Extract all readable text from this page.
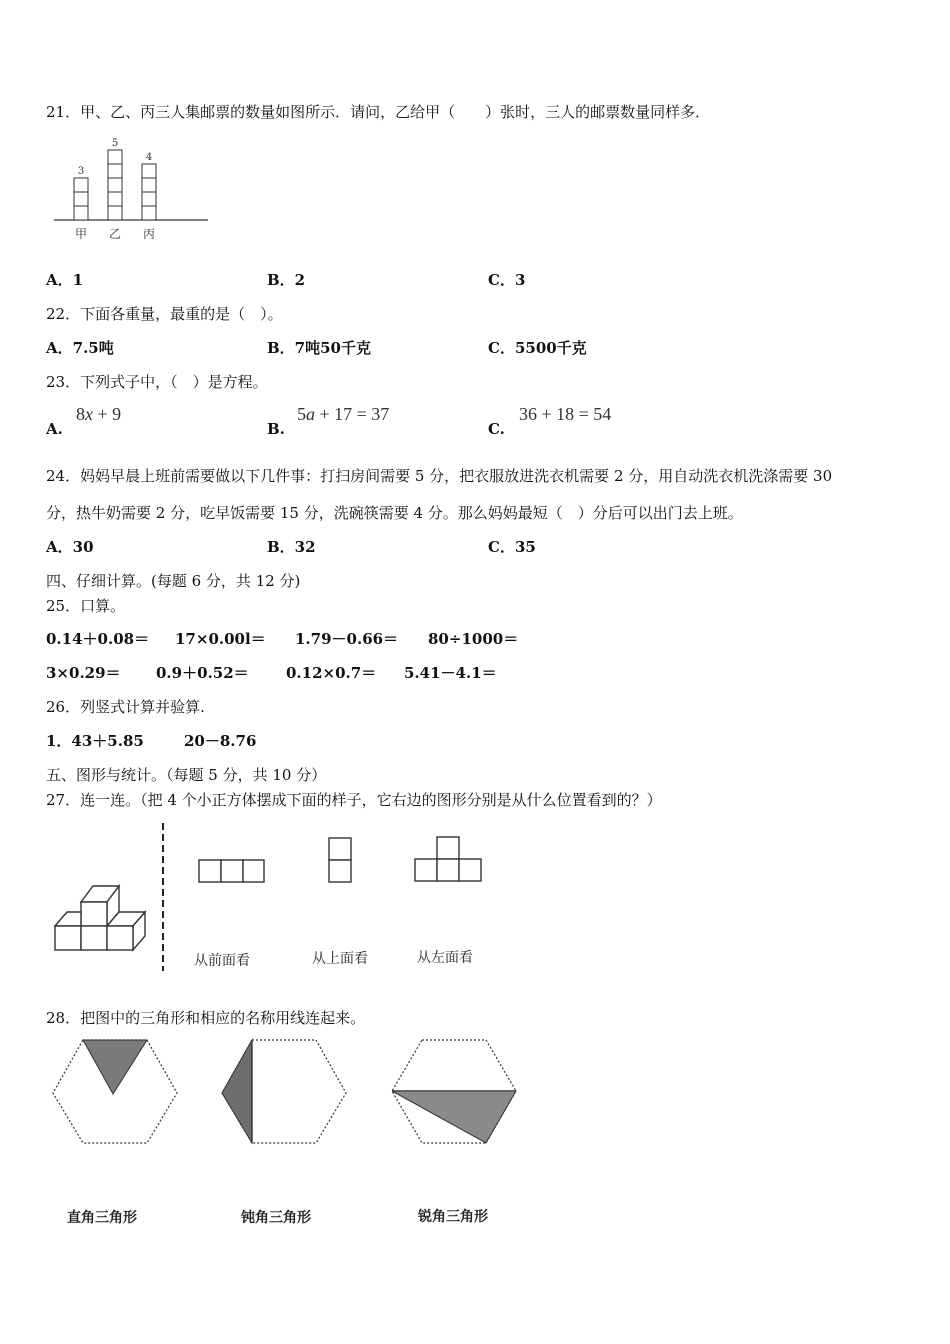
21．甲、乙、丙三人集邮票的数量如图所示．请问，乙给甲（　　）张时，三人的邮票数量同样多．
3
甲
5
乙
4
丙
A．1	B．2	C．3
22．下面各重量，最重的是（　）。
A．7.5吨	B．7吨50千克	C．5500千克
23．下列式子中，（　）是方程。
A.
8x + 9
B.
5a + 17 = 37
C.
36 + 18 = 54
24．妈妈早晨上班前需要做以下几件事：打扫房间需要 5 分，把衣服放进洗衣机需要 2 分，用自动洗衣机洗涤需要 30
分，热牛奶需要 2 分，吃早饭需要 15 分，洗碗筷需要 4 分。那么妈妈最短（　）分后可以出门去上班。
A．30	B．32	C．35
四、仔细计算。(每题 6 分，共 12 分)
25．口算。
0.14＋0.08＝ 17×0.00l＝ 1.79－0.66＝ 80÷1000＝
3×0.29＝ 0.9＋0.52＝ 0.12×0.7＝ 5.41－4.1＝
26．列竖式计算并验算.
1．43＋5.85	20－8.76
五、图形与统计。（每题 5 分，共 10 分）
27．连一连。（把 4 个小正方体摆成下面的样子，它右边的图形分别是从什么位置看到的？）
从前面看	从上面看	从左面看
28．把图中的三角形和相应的名称用线连起来。
直角三角形	钝角三角形	锐角三角形
